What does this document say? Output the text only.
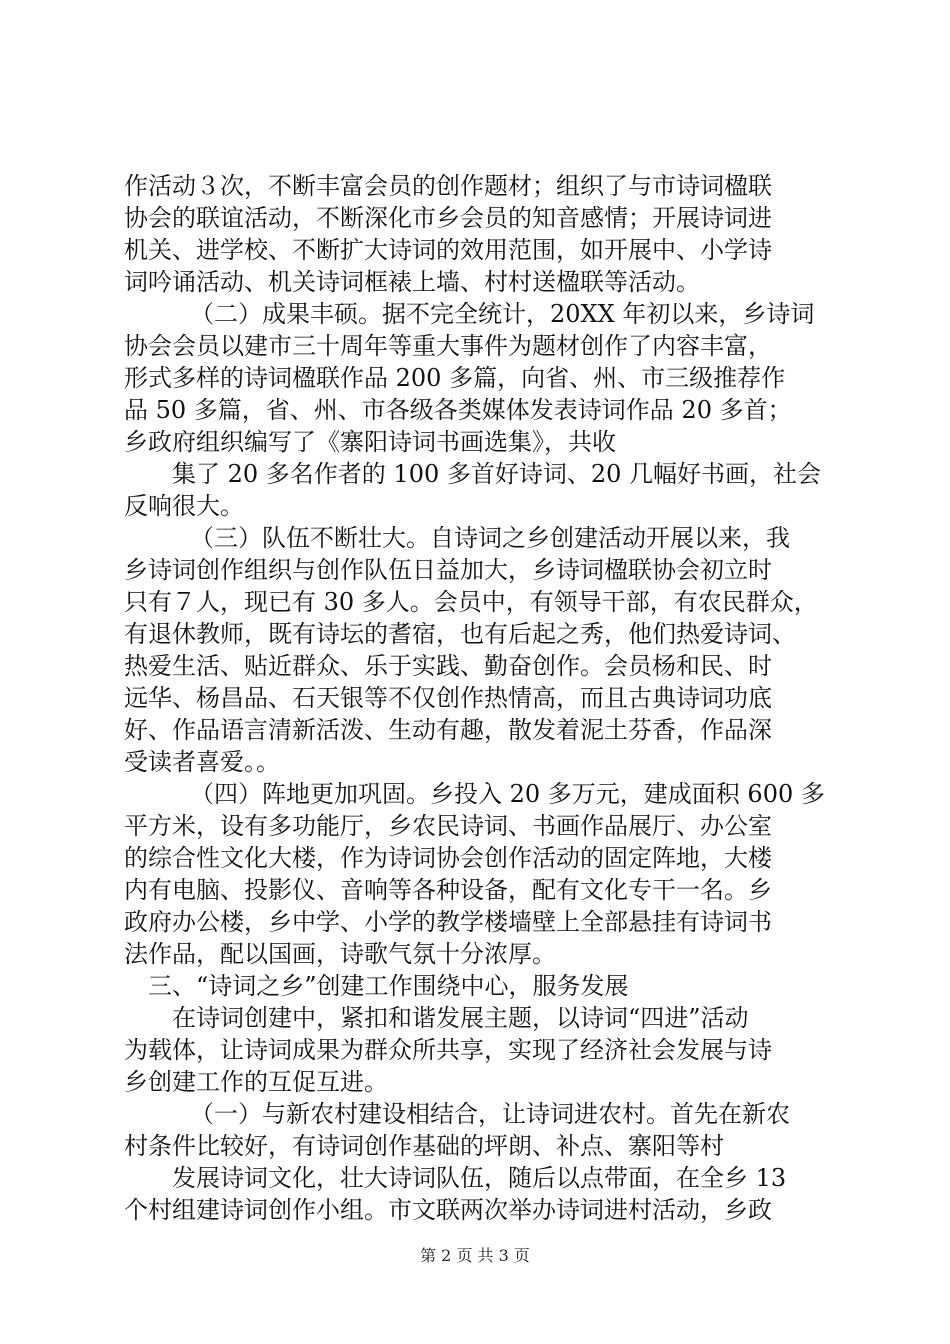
作活动３次，不断丰富会员的创作题材；组织了与市诗词楹联
协会的联谊活动，不断深化市乡会员的知音感情；开展诗词进
机关、进学校、不断扩大诗词的效用范围，如开展中、小学诗
词吟诵活动、机关诗词框裱上墙、村村送楹联等活动。
（二）成果丰硕。据不完全统计，20XX 年初以来，乡诗词
协会会员以建市三十周年等重大事件为题材创作了内容丰富，
形式多样的诗词楹联作品 200 多篇，向省、州、市三级推荐作
品 50 多篇，省、州、市各级各类媒体发表诗词作品 20 多首；
乡政府组织编写了《寨阳诗词书画选集》，共收
集了 20 多名作者的 100 多首好诗词、20 几幅好书画，社会
反响很大。
（三）队伍不断壮大。自诗词之乡创建活动开展以来，我
乡诗词创作组织与创作队伍日益加大，乡诗词楹联协会初立时
只有７人，现已有 30 多人。会员中，有领导干部，有农民群众，
有退休教师，既有诗坛的耆宿，也有后起之秀，他们热爱诗词、
热爱生活、贴近群众、乐于实践、勤奋创作。会员杨和民、时
远华、杨昌品、石天银等不仅创作热情高，而且古典诗词功底
好、作品语言清新活泼、生动有趣，散发着泥土芬香，作品深
受读者喜爱。。
（四）阵地更加巩固。乡投入 20 多万元，建成面积 600 多
平方米，设有多功能厅，乡农民诗词、书画作品展厅、办公室
的综合性文化大楼，作为诗词协会创作活动的固定阵地，大楼
内有电脑、投影仪、音响等各种设备，配有文化专干一名。乡
政府办公楼，乡中学、小学的教学楼墙壁上全部悬挂有诗词书
法作品，配以国画，诗歌气氛十分浓厚。
三、“诗词之乡”创建工作围绕中心，服务发展
在诗词创建中，紧扣和谐发展主题，以诗词“四进”活动
为载体，让诗词成果为群众所共享，实现了经济社会发展与诗
乡创建工作的互促互进。
（一）与新农村建设相结合，让诗词进农村。首先在新农
村条件比较好，有诗词创作基础的坪朗、补点、寨阳等村
发展诗词文化，壮大诗词队伍，随后以点带面，在全乡 13
个村组建诗词创作小组。市文联两次举办诗词进村活动，乡政
第 2 页 共 3 页
